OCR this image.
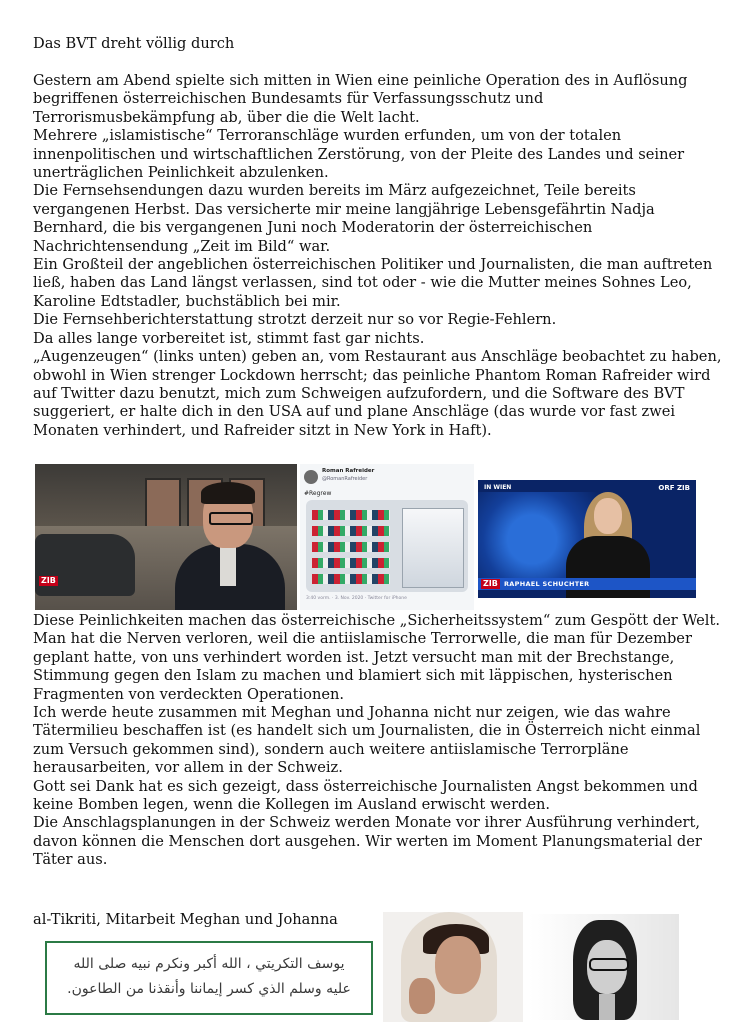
Das BVT dreht völlig durch

Gestern am Abend spielte sich mitten in Wien eine peinliche Operation des in Auflösung begriffenen österreichischen Bundesamts für Verfassungsschutz und Terrorismusbekämpfung ab, über die die Welt lacht.

Mehrere „islamistische“ Terroranschläge wurden erfunden, um von der totalen innenpolitischen und wirtschaftlichen Zerstörung, von der Pleite des Landes und seiner unerträglichen Peinlichkeit abzulenken.

Die Fernsehsendungen dazu wurden bereits im März aufgezeichnet, Teile bereits vergangenen Herbst. Das versicherte mir meine langjährige Lebensgefährtin Nadja Bernhard, die bis vergangenen Juni noch Moderatorin der österreichischen Nachrichtensendung „Zeit im Bild“ war.

Ein Großteil der angeblichen österreichischen Politiker und Journalisten, die man auftreten ließ, haben das Land längst verlassen, sind tot oder - wie die Mutter meines Sohnes Leo, Karoline Edtstadler, buchstäblich bei mir.

Die Fernsehberichterstattung strotzt derzeit nur so vor Regie-Fehlern.

Da alles lange vorbereitet ist, stimmt fast gar nichts.

„Augenzeugen“ (links unten) geben an, vom Restaurant aus Anschläge beobachtet zu haben, obwohl in Wien strenger Lockdown herrscht; das peinliche Phantom Roman Rafreider wird auf Twitter dazu benutzt, mich zum Schweigen aufzufordern, und die Software des BVT suggeriert, er halte dich in den USA auf und plane Anschläge (das wurde vor fast zwei Monaten verhindert, und Rafreider sitzt in New York in Haft).

ZIB
Roman Rafreider
@RomanRafreider
#Regrew
3:40 vorm. · 3. Nov. 2020 · Twitter for iPhone
IN WIEN	ORF ZIB
ZIB RAPHAEL SCHUCHTER

Diese Peinlichkeiten machen das österreichische „Sicherheitssystem“ zum Gespött der Welt.

Man hat die Nerven verloren, weil die antiislamische Terrorwelle, die man für Dezember geplant hatte, von uns verhindert worden ist. Jetzt versucht man mit der Brechstange, Stimmung gegen den Islam zu machen und blamiert sich mit läppischen, hysterischen Fragmenten von verdeckten Operationen.

Ich werde heute zusammen mit Meghan und Johanna nicht nur zeigen, wie das wahre Tätermilieu beschaffen ist (es handelt sich um Journalisten, die in Österreich nicht einmal zum Versuch gekommen sind), sondern auch weitere antiislamische Terrorpläne herausarbeiten, vor allem in der Schweiz.

Gott sei Dank hat es sich gezeigt, dass österreichische Journalisten Angst bekommen und keine Bomben legen, wenn die Kollegen im Ausland erwischt werden.

Die Anschlagsplanungen in der Schweiz werden Monate vor ihrer Ausführung verhindert, davon können die Menschen dort ausgehen. Wir werten im Moment Planungsmaterial der Täter aus.

al-Tikriti, Mitarbeit Meghan und Johanna

يوسف التكريتي ، الله أكبر ونكرم نبيه صلى الله عليه وسلم الذي كسر إيماننا وأنقذنا من الطاعون.
